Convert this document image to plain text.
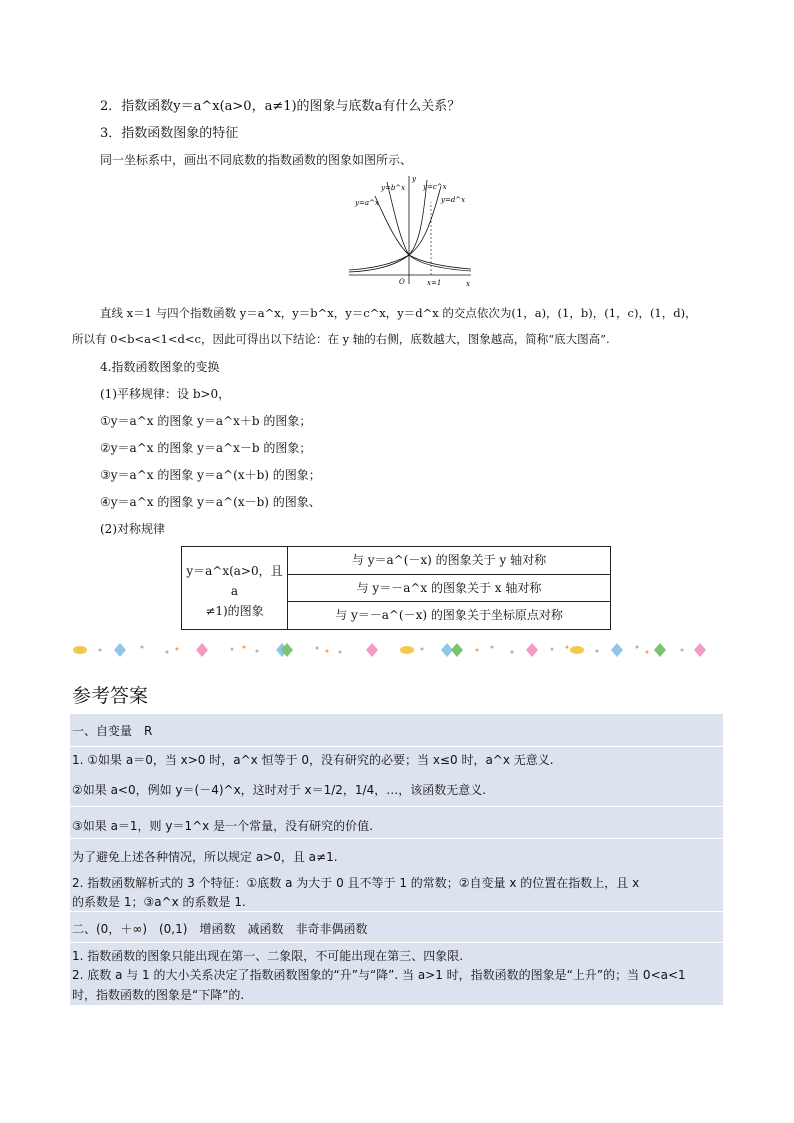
2．指数函数y＝a^x(a>0，a≠1)的图象与底数a有什么关系？
3．指数函数图象的特征
同一坐标系中，画出不同底数的指数函数的图象如图所示、
y=b^x	y=c^x
y=a^x	y=d^x
O	x=1	x
y
直线 x＝1 与四个指数函数 y＝a^x，y＝b^x，y＝c^x，y＝d^x 的交点依次为(1，a)，(1，b)，(1，c)，(1，d)，
所以有 0<b<a<1<d<c，因此可得出以下结论：在 y 轴的右侧，底数越大，图象越高，简称“底大图高”.
4.指数函数图象的变换
(1)平移规律：设 b>0，
①y＝a^x 的图象 y＝a^x＋b 的图象；
②y＝a^x 的图象 y＝a^x－b 的图象；
③y＝a^x 的图象 y＝a^(x＋b) 的图象；
④y＝a^x 的图象 y＝a^(x－b) 的图象、
(2)对称规律
y＝a^x(a>0，且 a
≠1)的图象
与 y＝a^(－x) 的图象关于 y 轴对称
与 y＝－a^x 的图象关于 x 轴对称
与 y＝－a^(－x) 的图象关于坐标原点对称
参考答案
一、自变量　R
1. ①如果 a＝0，当 x>0 时，a^x 恒等于 0，没有研究的必要；当 x≤0 时，a^x 无意义.
②如果 a<0，例如 y＝(－4)^x，这时对于 x＝1/2，1/4，…，该函数无意义.
③如果 a＝1，则 y＝1^x 是一个常量，没有研究的价值.
为了避免上述各种情况，所以规定 a>0，且 a≠1.
2. 指数函数解析式的 3 个特征：①底数 a 为大于 0 且不等于 1 的常数；②自变量 x 的位置在指数上，且 x
的系数是 1；③a^x 的系数是 1.
二、(0，＋∞)　(0,1)　增函数　减函数　非奇非偶函数
1. 指数函数的图象只能出现在第一、二象限，不可能出现在第三、四象限.
2. 底数 a 与 1 的大小关系决定了指数函数图象的“升”与“降”. 当 a>1 时，指数函数的图象是“上升”的；当 0<a<1
时，指数函数的图象是“下降”的.
